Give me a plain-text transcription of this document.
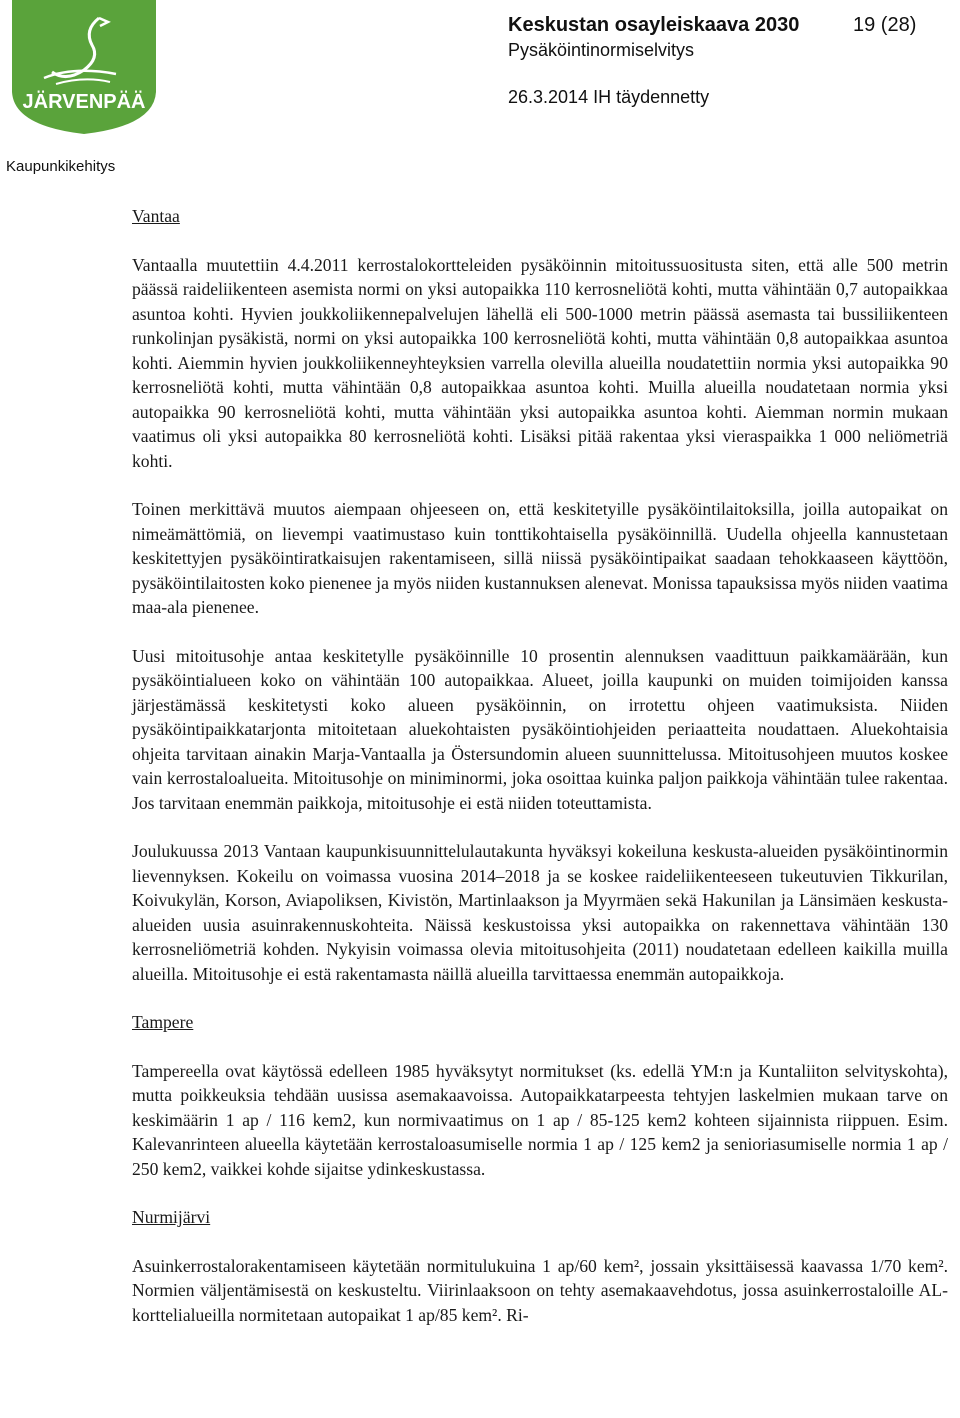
JÄRVENPÄÄ
Kaupunkikehitys
Keskustan osayleiskaava 2030	19 (28)
Pysäköintinormiselvitys
26.3.2014 IH täydennetty

Vantaa

Vantaalla muutettiin 4.4.2011 kerrostalokortteleiden pysäköinnin mitoitussuositusta siten, että alle 500 metrin päässä raideliikenteen asemista normi on yksi autopaikka 110 kerrosneliötä kohti, mutta vähintään 0,7 autopaikkaa asuntoa kohti. Hyvien joukkoliikennepalvelujen lähellä eli 500-1000 metrin päässä asemasta tai bussiliikenteen runkolinjan pysäkistä, normi on yksi autopaikka 100 kerrosneliötä kohti, mutta vähintään 0,8 autopaikkaa asuntoa kohti. Aiemmin hyvien joukkoliikenneyhteyksien varrella olevilla alueilla noudatettiin normia yksi autopaikka 90 kerrosneliötä kohti, mutta vähintään 0,8 autopaikkaa asuntoa kohti. Muilla alueilla noudatetaan normia yksi autopaikka 90 kerrosneliötä kohti, mutta vähintään yksi autopaikka asuntoa kohti. Aiemman normin mukaan vaatimus oli yksi autopaikka 80 kerrosneliötä kohti. Lisäksi pitää rakentaa yksi vieraspaikka 1 000 neliömetriä kohti.

Toinen merkittävä muutos aiempaan ohjeeseen on, että keskitetyille pysäköintilaitoksilla, joilla autopaikat on nimeämättömiä, on lievempi vaatimustaso kuin tonttikohtaisella pysäköinnillä. Uudella ohjeella kannustetaan keskitettyjen pysäköintiratkaisujen rakentamiseen, sillä niissä pysäköintipaikat saadaan tehokkaaseen käyttöön, pysäköintilaitosten koko pienenee ja myös niiden kustannuksen alenevat. Monissa tapauksissa myös niiden vaatima maa-ala pienenee.

Uusi mitoitusohje antaa keskitetylle pysäköinnille 10 prosentin alennuksen vaadittuun paikkamäärään, kun pysäköintialueen koko on vähintään 100 autopaikkaa. Alueet, joilla kaupunki on muiden toimijoiden kanssa järjestämässä keskitetysti koko alueen pysäköinnin, on irrotettu ohjeen vaatimuksista. Niiden pysäköintipaikkatarjonta mitoitetaan aluekohtaisten pysäköintiohjeiden periaatteita noudattaen. Aluekohtaisia ohjeita tarvitaan ainakin Marja-Vantaalla ja Östersundomin alueen suunnittelussa. Mitoitusohjeen muutos koskee vain kerrostaloalueita. Mitoitusohje on miniminormi, joka osoittaa kuinka paljon paikkoja vähintään tulee rakentaa. Jos tarvitaan enemmän paikkoja, mitoitusohje ei estä niiden toteuttamista.

Joulukuussa 2013 Vantaan kaupunkisuunnittelulautakunta hyväksyi kokeiluna keskusta-alueiden pysäköintinormin lievennyksen. Kokeilu on voimassa vuosina 2014–2018 ja se koskee raideliikenteeseen tukeutuvien Tikkurilan, Koivukylän, Korson, Aviapoliksen, Kivistön, Martinlaakson ja Myyrmäen sekä Hakunilan ja Länsimäen keskusta-alueiden uusia asuinrakennuskohteita. Näissä keskustoissa yksi autopaikka on rakennettava vähintään 130 kerrosneliömetriä kohden. Nykyisin voimassa olevia mitoitusohjeita (2011) noudatetaan edelleen kaikilla muilla alueilla. Mitoitusohje ei estä rakentamasta näillä alueilla tarvittaessa enemmän autopaikkoja.

Tampere

Tampereella ovat käytössä edelleen 1985 hyväksytyt normitukset (ks. edellä YM:n ja Kuntaliiton selvityskohta), mutta poikkeuksia tehdään uusissa asemakaavoissa. Autopaikkatarpeesta tehtyjen laskelmien mukaan tarve on keskimäärin 1 ap / 116 kem2, kun normivaatimus on 1 ap / 85-125 kem2 kohteen sijainnista riippuen. Esim. Kalevanrinteen alueella käytetään kerrostaloasumiselle normia 1 ap / 125 kem2 ja senioriasumiselle normia 1 ap / 250 kem2, vaikkei kohde sijaitse ydinkeskustassa.

Nurmijärvi

Asuinkerrostalorakentamiseen käytetään normitulukuina 1 ap/60 kem², jossain yksittäisessä kaavassa 1/70 kem². Normien väljentämisestä on keskusteltu. Viirinlaaksoon on tehty asemakaavehdotus, jossa asuinkerrostaloille AL- korttelialueilla normitetaan autopaikat 1 ap/85 kem². Ri-
